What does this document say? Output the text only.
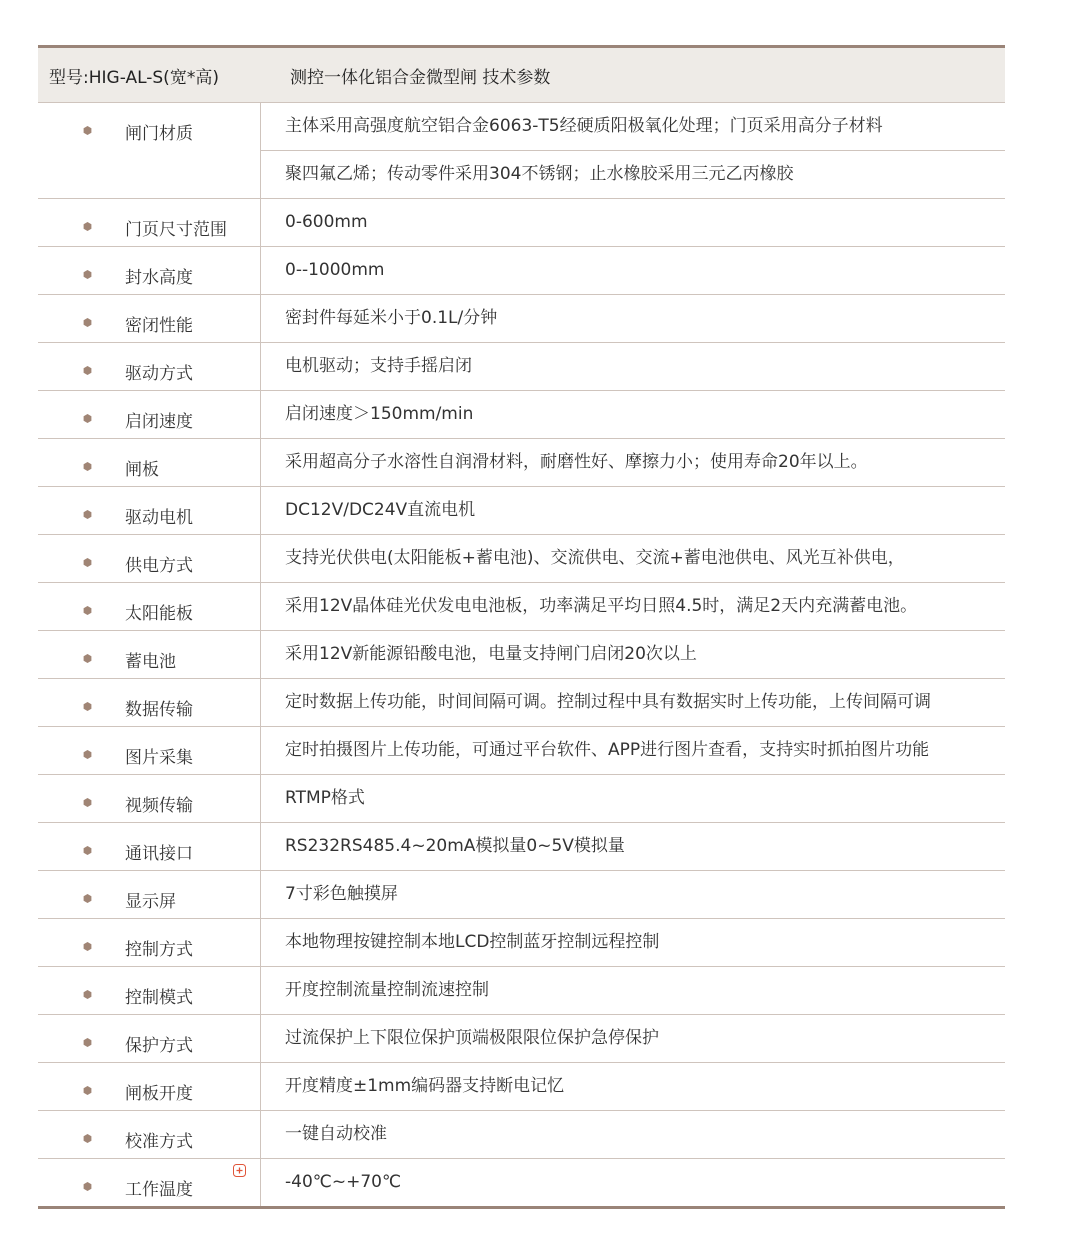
型号:HIG-AL-S(宽*高)	测控一体化铝合金微型闸 技术参数
闸门材质	主体采用高强度航空铝合金6063-T5经硬质阳极氧化处理；门页采用高分子材料
聚四氟乙烯；传动零件采用304不锈钢；止水橡胶采用三元乙丙橡胶
门页尺寸范围	0-600mm
封水高度	0--1000mm
密闭性能	密封件每延米小于0.1L/分钟
驱动方式	电机驱动；支持手摇启闭
启闭速度	启闭速度＞150mm/min
闸板	采用超高分子水溶性自润滑材料，耐磨性好、摩擦力小；使用寿命20年以上。
驱动电机	DC12V/DC24V直流电机
供电方式	支持光伏供电(太阳能板+蓄电池)、交流供电、交流+蓄电池供电、风光互补供电，
太阳能板	采用12V晶体硅光伏发电电池板，功率满足平均日照4.5时，满足2天内充满蓄电池。
蓄电池	采用12V新能源铅酸电池，电量支持闸门启闭20次以上
数据传输	定时数据上传功能，时间间隔可调。控制过程中具有数据实时上传功能，上传间隔可调
图片采集	定时拍摄图片上传功能，可通过平台软件、APP进行图片查看，支持实时抓拍图片功能
视频传输	RTMP格式
通讯接口	RS232RS485.4~20mA模拟量0~5V模拟量
显示屏	7寸彩色触摸屏
控制方式	本地物理按键控制本地LCD控制蓝牙控制远程控制
控制模式	开度控制流量控制流速控制
保护方式	过流保护上下限位保护顶端极限限位保护急停保护
闸板开度	开度精度±1mm编码器支持断电记忆
校准方式	一键自动校准
工作温度	-40℃~+70℃
